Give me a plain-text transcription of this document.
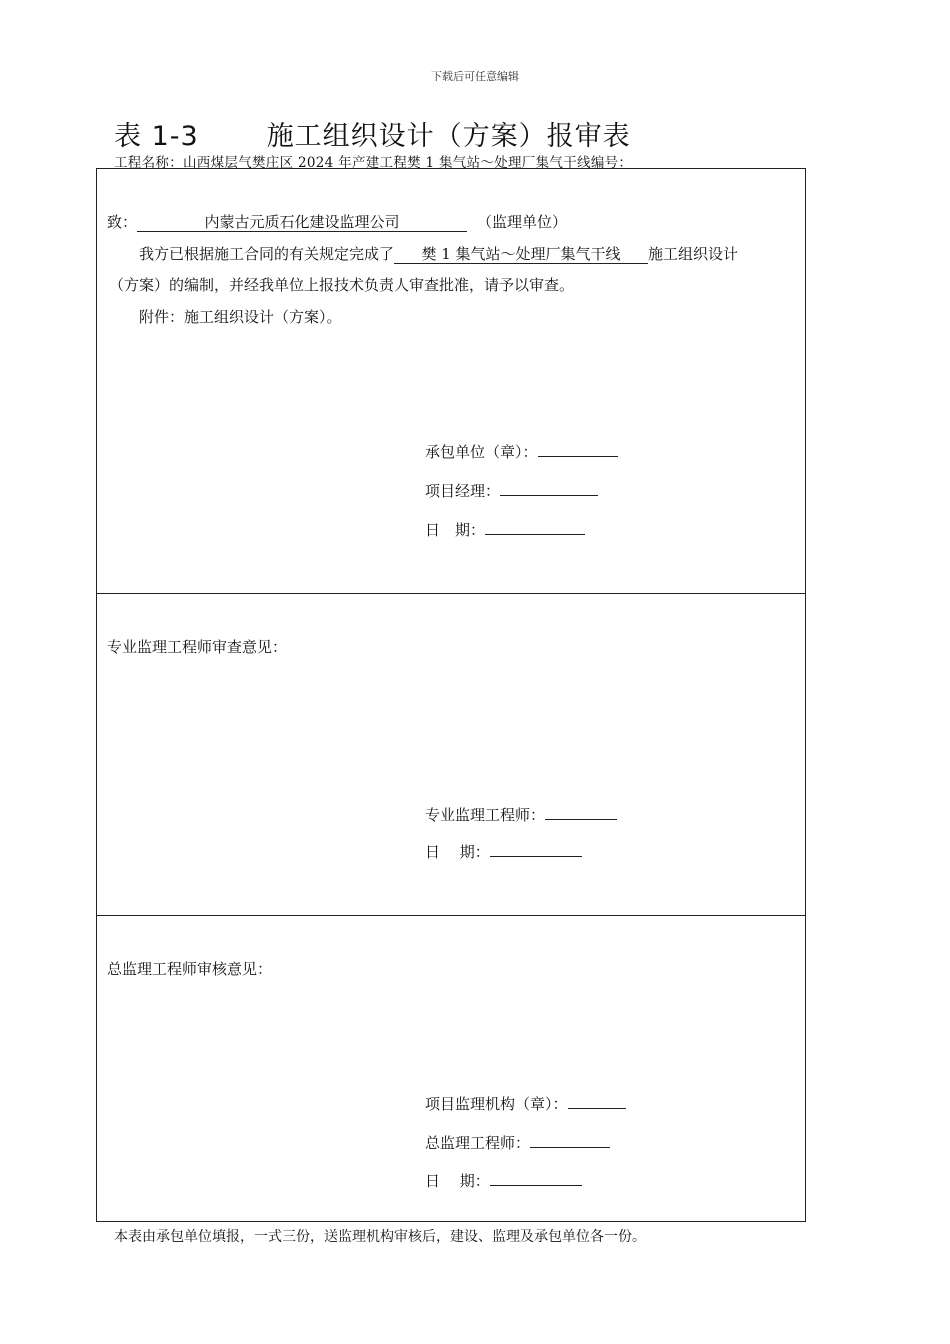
下载后可任意编辑
表 1-3	施工组织设计（方案）报审表
工程名称：山西煤层气樊庄区 2024 年产建工程樊 1 集气站～处理厂集气干线编号：
致：	内蒙古元质石化建设监理公司	（监理单位）
我方已根据施工合同的有关规定完成了 樊 1 集气站～处理厂集气干线 施工组织设计
（方案）的编制，并经我单位上报技术负责人审查批准，请予以审查。
附件：施工组织设计（方案）。
承包单位（章）：
项目经理：
日　期：
专业监理工程师审查意见：
专业监理工程师：
日　 期：
总监理工程师审核意见：
项目监理机构（章）：
总监理工程师：
日　 期：
本表由承包单位填报，一式三份，送监理机构审核后，建设、监理及承包单位各一份。
